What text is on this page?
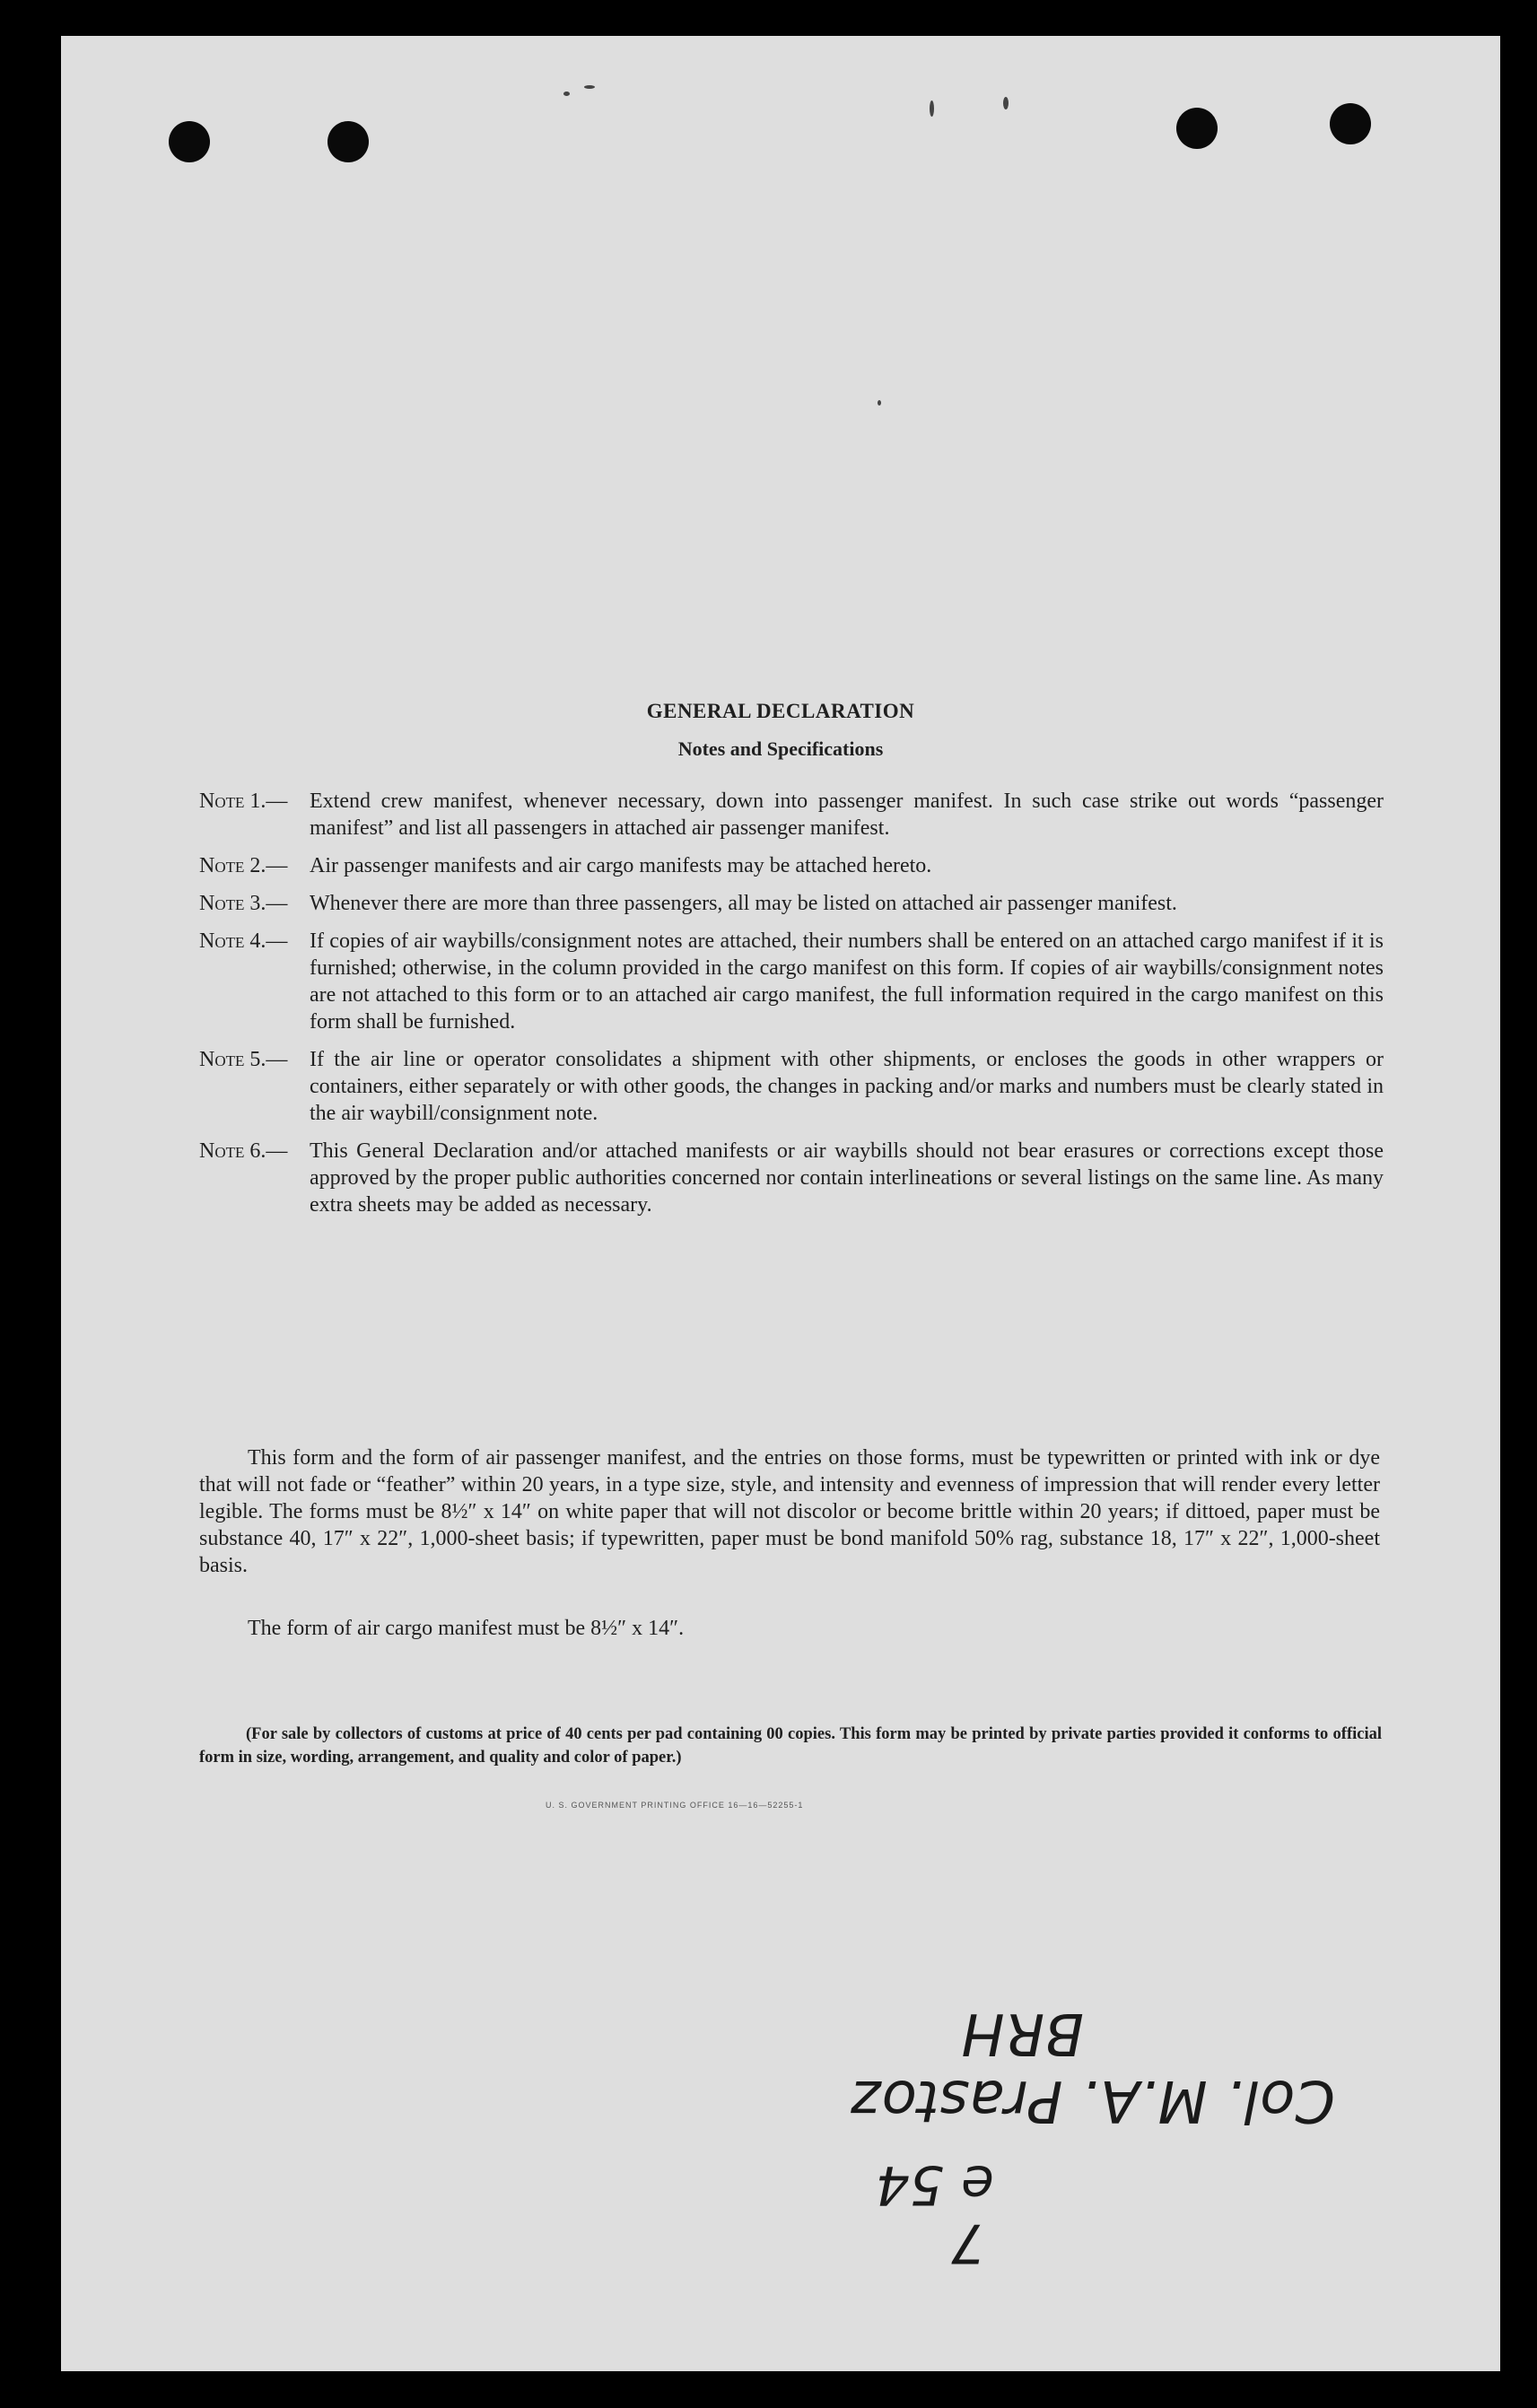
GENERAL DECLARATION
Notes and Specifications
Note 1.—	Extend crew manifest, whenever necessary, down into passenger manifest. In such case strike out words “passenger manifest” and list all passengers in attached air passenger manifest.
Note 2.—	Air passenger manifests and air cargo manifests may be attached hereto.
Note 3.—	Whenever there are more than three passengers, all may be listed on attached air passenger manifest.
Note 4.—	If copies of air waybills/consignment notes are attached, their numbers shall be entered on an attached cargo manifest if it is furnished; otherwise, in the column provided in the cargo manifest on this form. If copies of air waybills/consignment notes are not attached to this form or to an attached air cargo manifest, the full information required in the cargo manifest on this form shall be furnished.
Note 5.—	If the air line or operator consolidates a shipment with other shipments, or encloses the goods in other wrappers or containers, either separately or with other goods, the changes in packing and/or marks and numbers must be clearly stated in the air waybill/consignment note.
Note 6.—	This General Declaration and/or attached manifests or air waybills should not bear erasures or corrections except those approved by the proper public authorities concerned nor contain interlineations or several listings on the same line. As many extra sheets may be added as necessary.
This form and the form of air passenger manifest, and the entries on those forms, must be typewritten or printed with ink or dye that will not fade or “feather” within 20 years, in a type size, style, and intensity and evenness of impression that will render every letter legible. The forms must be 8½″ x 14″ on white paper that will not discolor or become brittle within 20 years; if dittoed, paper must be substance 40, 17″ x 22″, 1,000-sheet basis; if typewritten, paper must be bond manifold 50% rag, substance 18, 17″ x 22″, 1,000-sheet basis.
The form of air cargo manifest must be 8½″ x 14″.
(For sale by collectors of customs at price of 40 cents per pad containing 00 copies. This form may be printed by private parties provided it conforms to official form in size, wording, arrangement, and quality and color of paper.)
U. S. GOVERNMENT PRINTING OFFICE 16—16—52255-1
7
e 54
Col. M.A. Prastoz
BRH
